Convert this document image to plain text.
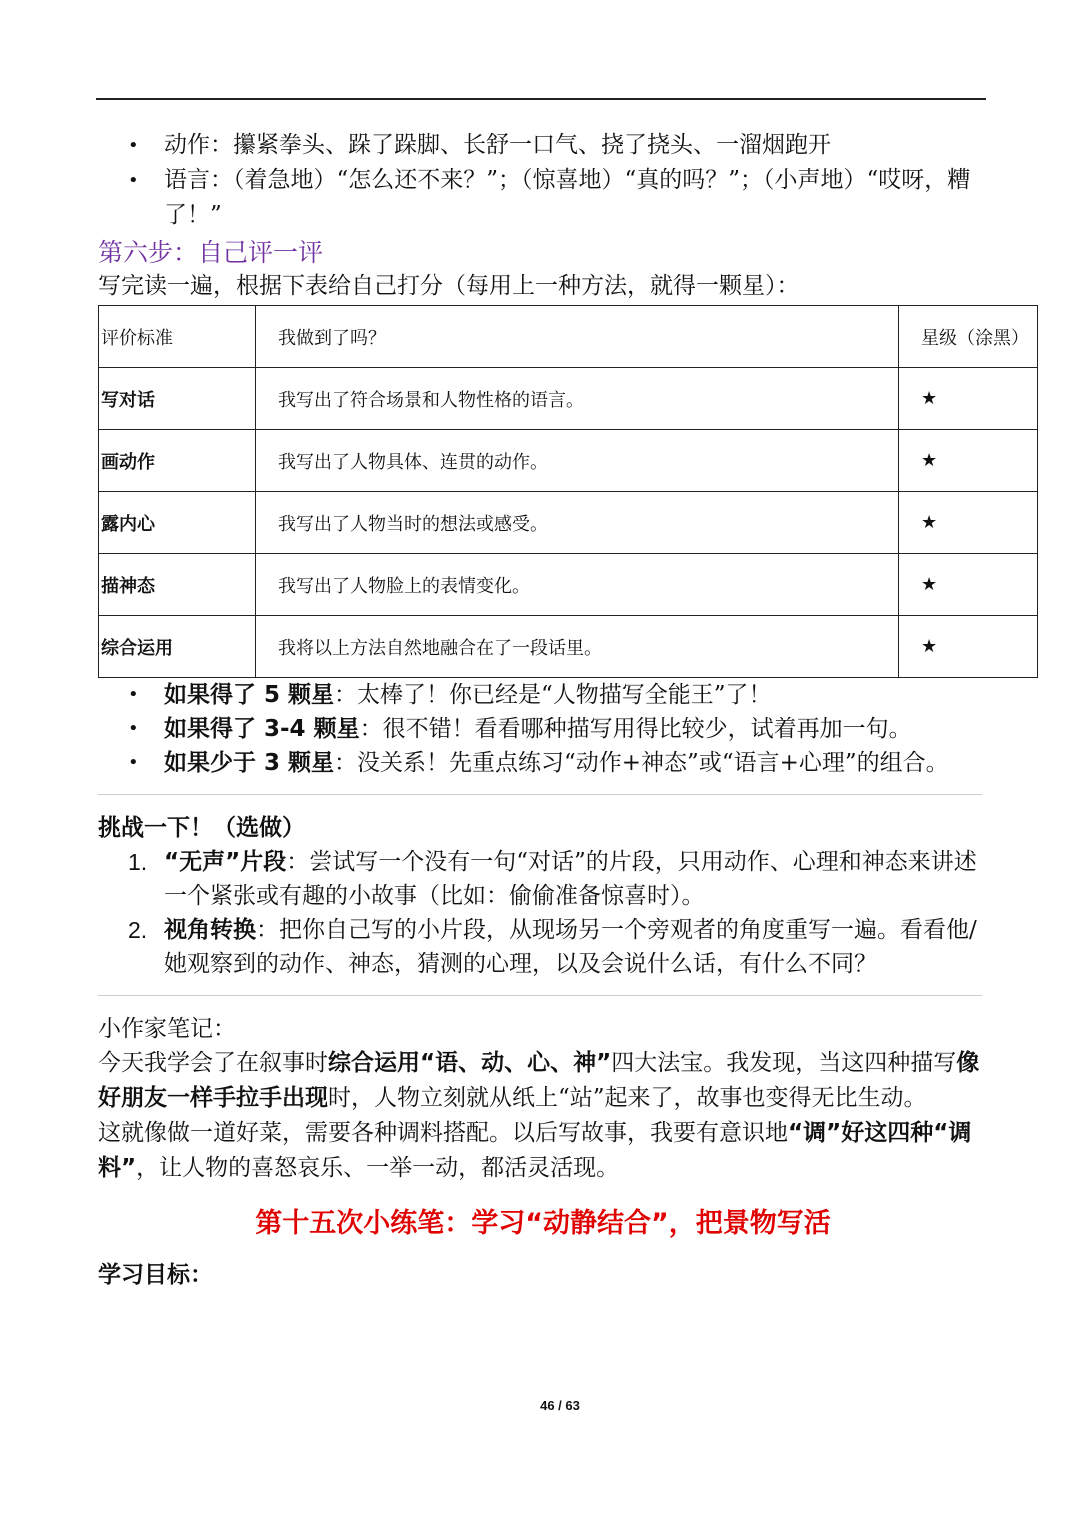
• 动作：攥紧拳头、跺了跺脚、长舒一口气、挠了挠头、一溜烟跑开
• 语言：（着急地）“怎么还不来？”；（惊喜地）“真的吗？”；（小声地）“哎呀，糟了！”
第六步：自己评一评
写完读一遍，根据下表给自己打分（每用上一种方法，就得一颗星）：
评价标准	我做到了吗？	星级（涂黑）
写对话	我写出了符合场景和人物性格的语言。	★
画动作	我写出了人物具体、连贯的动作。	★
露内心	我写出了人物当时的想法或感受。	★
描神态	我写出了人物脸上的表情变化。	★
综合运用	我将以上方法自然地融合在了一段话里。	★
• 如果得了 5 颗星：太棒了！你已经是“人物描写全能王”了！
• 如果得了 3-4 颗星：很不错！看看哪种描写用得比较少，试着再加一句。
• 如果少于 3 颗星：没关系！先重点练习“动作+神态”或“语言+心理”的组合。
挑战一下！（选做）
1. “无声”片段：尝试写一个没有一句“对话”的片段，只用动作、心理和神态来讲述一个紧张或有趣的小故事（比如：偷偷准备惊喜时）。
2. 视角转换：把你自己写的小片段，从现场另一个旁观者的角度重写一遍。看看他/她观察到的动作、神态，猜测的心理，以及会说什么话，有什么不同？
小作家笔记：
今天我学会了在叙事时综合运用“语、动、心、神”四大法宝。我发现，当这四种描写像好朋友一样手拉手出现时，人物立刻就从纸上“站”起来了，故事也变得无比生动。
这就像做一道好菜，需要各种调料搭配。以后写故事，我要有意识地“调”好这四种“调料”，让人物的喜怒哀乐、一举一动，都活灵活现。
第十五次小练笔：学习“动静结合”，把景物写活
学习目标：
46 / 63
